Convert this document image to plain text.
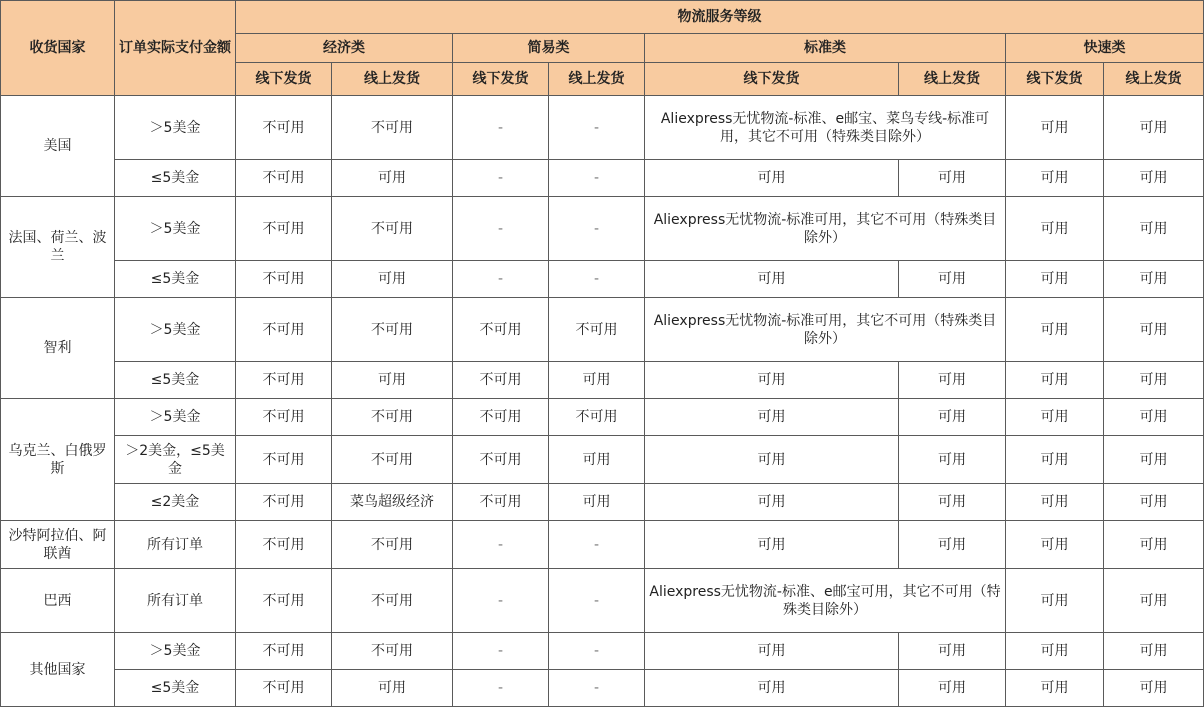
收货国家	订单实际支付金额	物流服务等级							
		经济类		简易类		标准类		快速类	
		线下发货	线上发货	线下发货	线上发货	线下发货	线上发货	线下发货	线上发货
美国	＞5美金	不可用	不可用	-	-	Aliexpress无忧物流-标准、e邮宝、菜鸟专线-标准可用，其它不可用（特殊类目除外）		可用	可用
	≤5美金	不可用	可用	-	-	可用	可用	可用	可用
法国、荷兰、波兰	＞5美金	不可用	不可用	-	-	Aliexpress无忧物流-标准可用，其它不可用（特殊类目除外）		可用	可用
	≤5美金	不可用	可用	-	-	可用	可用	可用	可用
智利	＞5美金	不可用	不可用	不可用	不可用	Aliexpress无忧物流-标准可用，其它不可用（特殊类目除外）		可用	可用
	≤5美金	不可用	可用	不可用	可用	可用	可用	可用	可用
乌克兰、白俄罗斯	＞5美金	不可用	不可用	不可用	不可用	可用	可用	可用	可用
	＞2美金，≤5美金	不可用	不可用	不可用	可用	可用	可用	可用	可用
	≤2美金	不可用	菜鸟超级经济	不可用	可用	可用	可用	可用	可用
沙特阿拉伯、阿联酋	所有订单	不可用	不可用	-	-	可用	可用	可用	可用
巴西	所有订单	不可用	不可用	-	-	Aliexpress无忧物流-标准、e邮宝可用，其它不可用（特殊类目除外）		可用	可用
其他国家	＞5美金	不可用	不可用	-	-	可用	可用	可用	可用
	≤5美金	不可用	可用	-	-	可用	可用	可用	可用
